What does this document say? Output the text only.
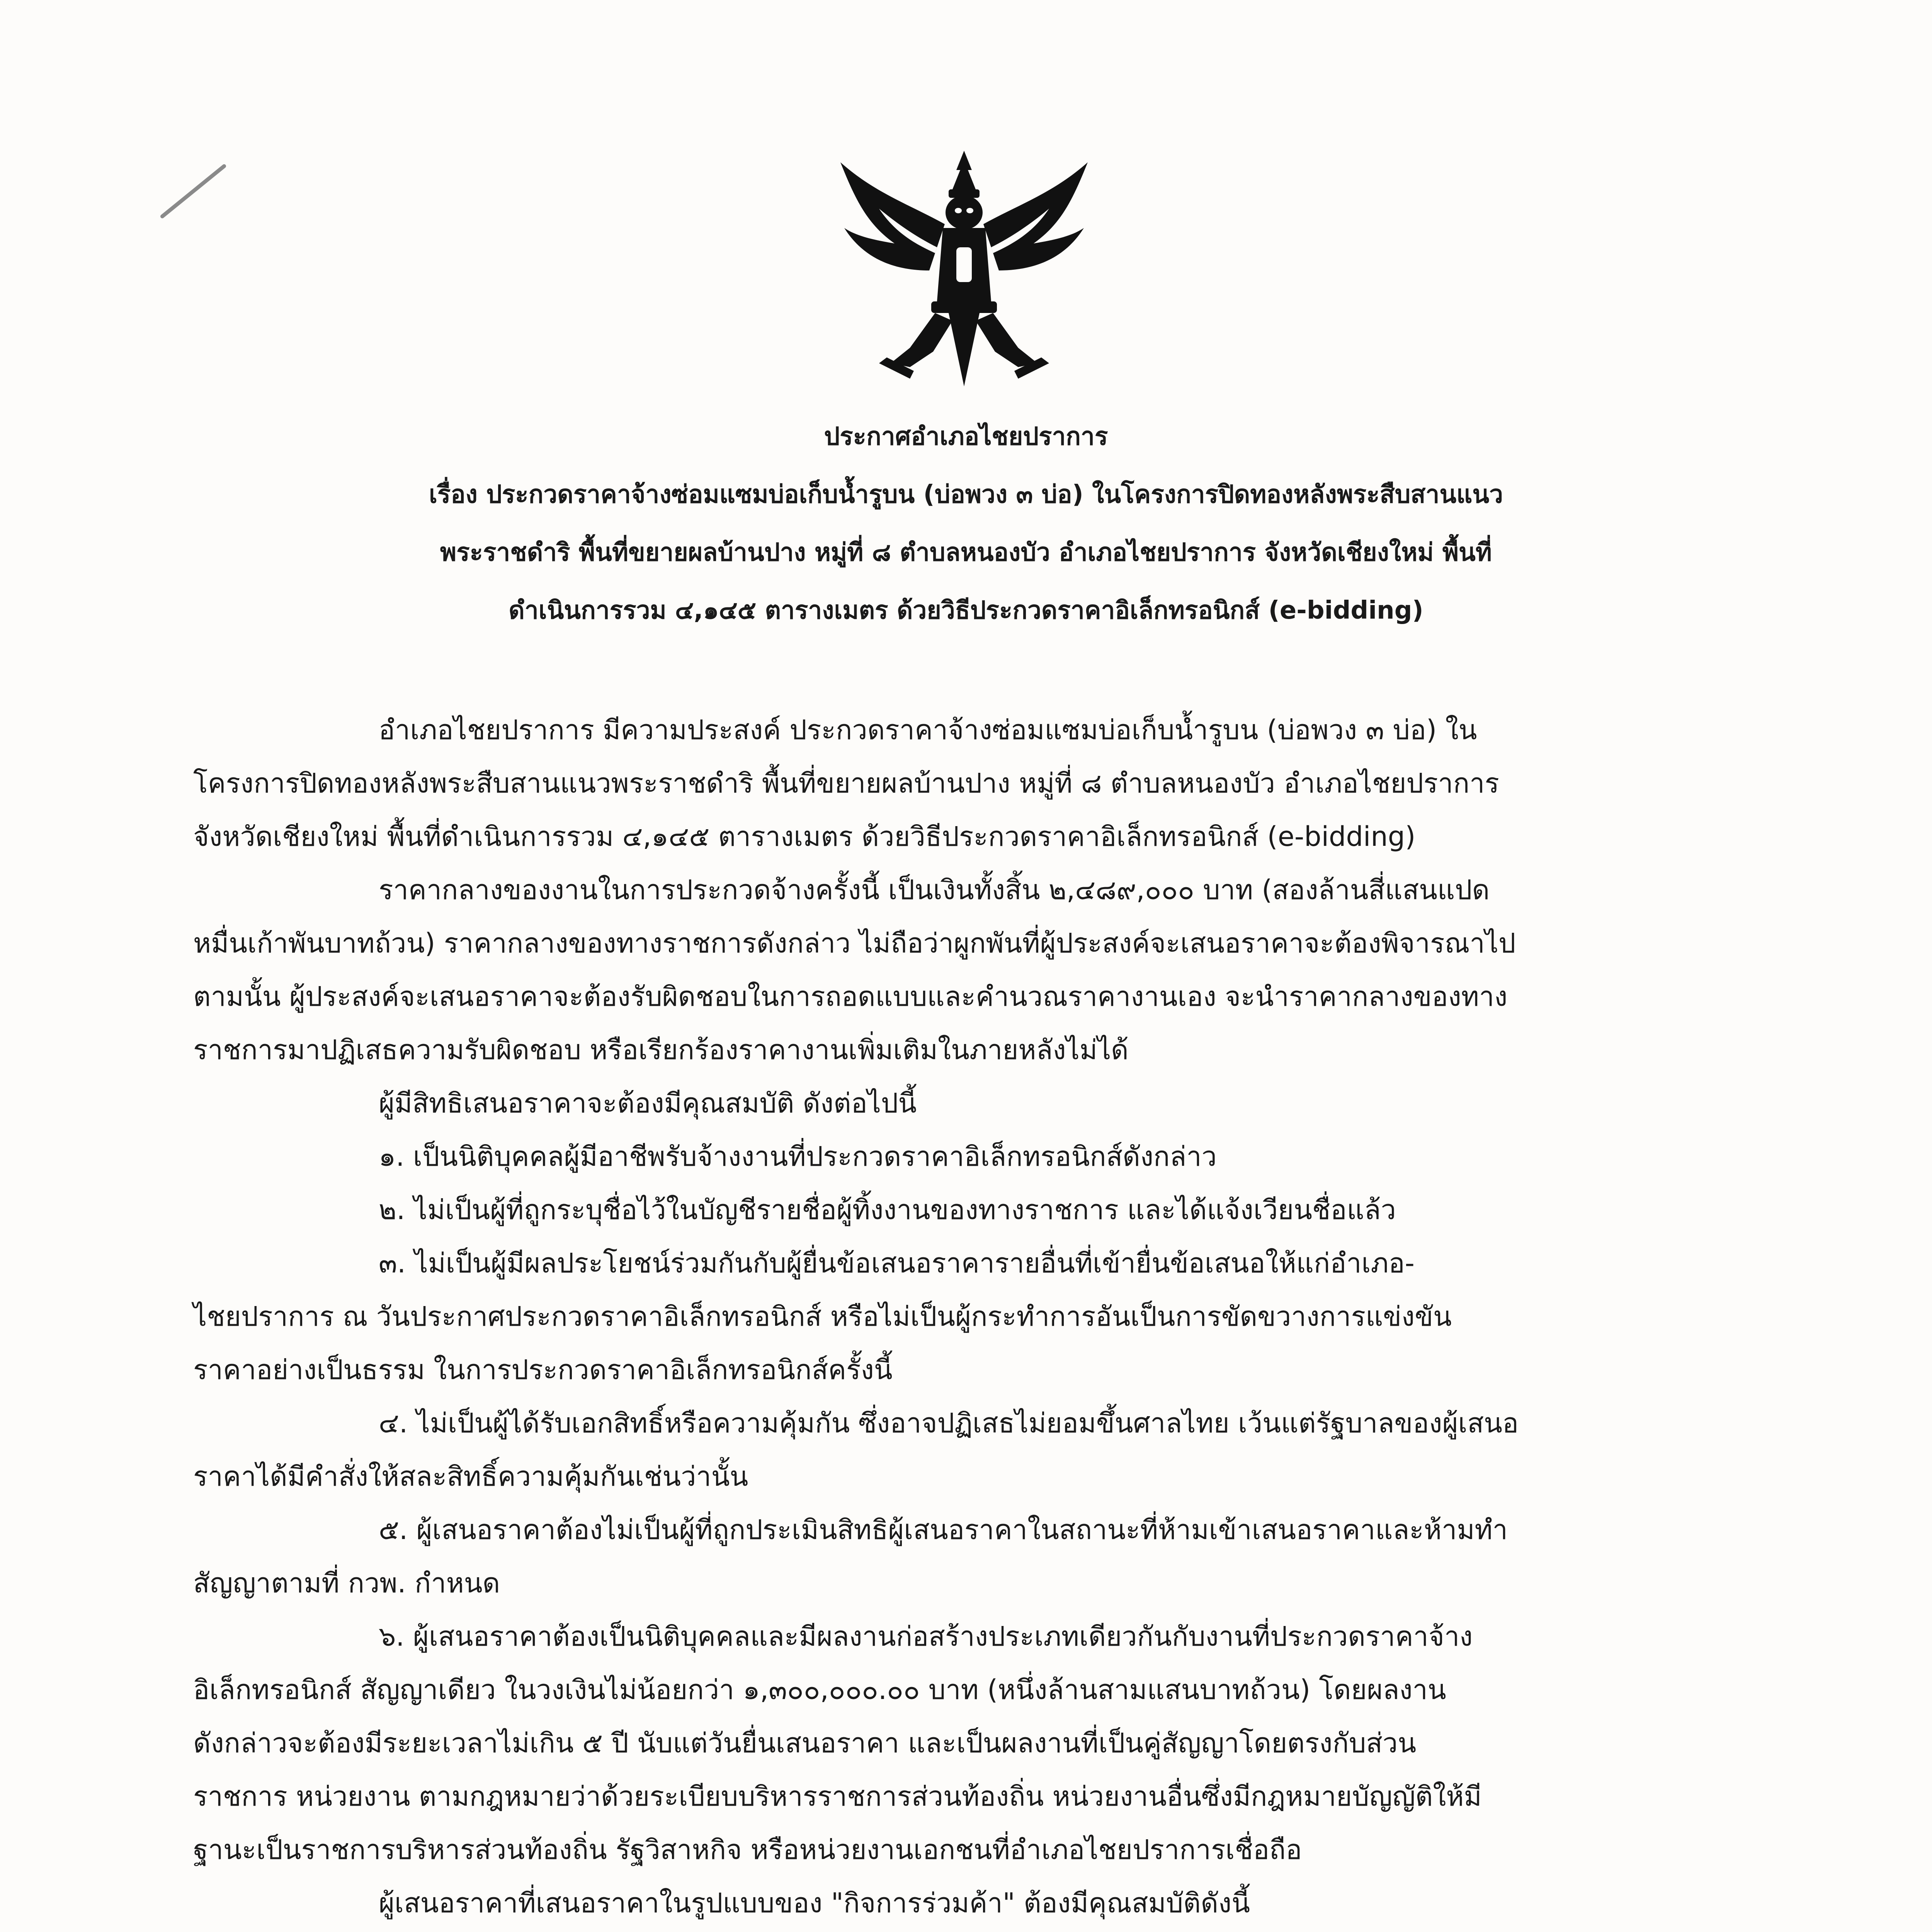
ประกาศอำเภอไชยปราการ
เรื่อง ประกวดราคาจ้างซ่อมแซมบ่อเก็บน้ำรูบน (บ่อพวง ๓ บ่อ) ในโครงการปิดทองหลังพระสืบสานแนว
พระราชดำริ พื้นที่ขยายผลบ้านปาง หมู่ที่ ๘ ตำบลหนองบัว อำเภอไชยปราการ จังหวัดเชียงใหม่ พื้นที่
ดำเนินการรวม ๔,๑๔๕ ตารางเมตร ด้วยวิธีประกวดราคาอิเล็กทรอนิกส์ (e-bidding)
อำเภอไชยปราการ มีความประสงค์ ประกวดราคาจ้างซ่อมแซมบ่อเก็บน้ำรูบน (บ่อพวง ๓ บ่อ) ใน
โครงการปิดทองหลังพระสืบสานแนวพระราชดำริ พื้นที่ขยายผลบ้านปาง หมู่ที่ ๘ ตำบลหนองบัว อำเภอไชยปราการ
จังหวัดเชียงใหม่ พื้นที่ดำเนินการรวม ๔,๑๔๕ ตารางเมตร ด้วยวิธีประกวดราคาอิเล็กทรอนิกส์ (e-bidding)
ราคากลางของงานในการประกวดจ้างครั้งนี้ เป็นเงินทั้งสิ้น ๒,๔๘๙,๐๐๐ บาท (สองล้านสี่แสนแปด
หมื่นเก้าพันบาทถ้วน) ราคากลางของทางราชการดังกล่าว ไม่ถือว่าผูกพันที่ผู้ประสงค์จะเสนอราคาจะต้องพิจารณาไป
ตามนั้น ผู้ประสงค์จะเสนอราคาจะต้องรับผิดชอบในการถอดแบบและคำนวณราคางานเอง จะนำราคากลางของทาง
ราชการมาปฏิเสธความรับผิดชอบ หรือเรียกร้องราคางานเพิ่มเติมในภายหลังไม่ได้
ผู้มีสิทธิเสนอราคาจะต้องมีคุณสมบัติ ดังต่อไปนี้
๑. เป็นนิติบุคคลผู้มีอาชีพรับจ้างงานที่ประกวดราคาอิเล็กทรอนิกส์ดังกล่าว
๒. ไม่เป็นผู้ที่ถูกระบุชื่อไว้ในบัญชีรายชื่อผู้ทิ้งงานของทางราชการ และได้แจ้งเวียนชื่อแล้ว
๓. ไม่เป็นผู้มีผลประโยชน์ร่วมกันกับผู้ยื่นข้อเสนอราคารายอื่นที่เข้ายื่นข้อเสนอให้แก่อำเภอ-
ไชยปราการ ณ วันประกาศประกวดราคาอิเล็กทรอนิกส์ หรือไม่เป็นผู้กระทำการอันเป็นการขัดขวางการแข่งขัน
ราคาอย่างเป็นธรรม ในการประกวดราคาอิเล็กทรอนิกส์ครั้งนี้
๔. ไม่เป็นผู้ได้รับเอกสิทธิ์หรือความคุ้มกัน ซึ่งอาจปฏิเสธไม่ยอมขึ้นศาลไทย เว้นแต่รัฐบาลของผู้เสนอ
ราคาได้มีคำสั่งให้สละสิทธิ์ความคุ้มกันเช่นว่านั้น
๕. ผู้เสนอราคาต้องไม่เป็นผู้ที่ถูกประเมินสิทธิผู้เสนอราคาในสถานะที่ห้ามเข้าเสนอราคาและห้ามทำ
สัญญาตามที่ กวพ. กำหนด
๖. ผู้เสนอราคาต้องเป็นนิติบุคคลและมีผลงานก่อสร้างประเภทเดียวกันกับงานที่ประกวดราคาจ้าง
อิเล็กทรอนิกส์ สัญญาเดียว ในวงเงินไม่น้อยกว่า ๑,๓๐๐,๐๐๐.๐๐ บาท (หนึ่งล้านสามแสนบาทถ้วน) โดยผลงาน
ดังกล่าวจะต้องมีระยะเวลาไม่เกิน ๕ ปี นับแต่วันยื่นเสนอราคา และเป็นผลงานที่เป็นคู่สัญญาโดยตรงกับส่วน
ราชการ หน่วยงาน ตามกฎหมายว่าด้วยระเบียบบริหารราชการส่วนท้องถิ่น หน่วยงานอื่นซึ่งมีกฎหมายบัญญัติให้มี
ฐานะเป็นราชการบริหารส่วนท้องถิ่น รัฐวิสาหกิจ หรือหน่วยงานเอกชนที่อำเภอไชยปราการเชื่อถือ
ผู้เสนอราคาที่เสนอราคาในรูปแบบของ "กิจการร่วมค้า" ต้องมีคุณสมบัติดังนี้
